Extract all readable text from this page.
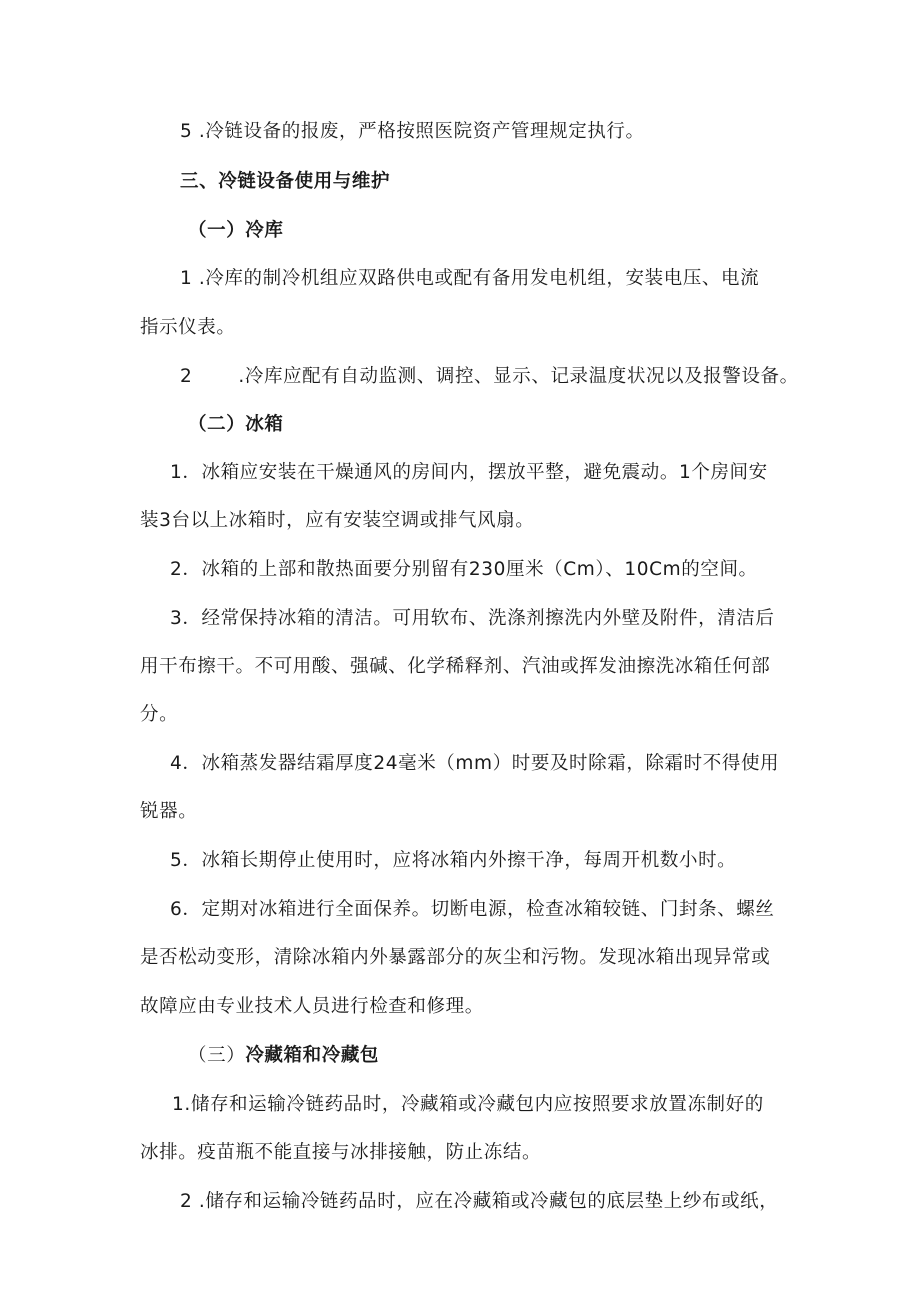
5 .冷链设备的报废，严格按照医院资产管理规定执行。
三、冷链设备使用与维护
（一）冷库
1 .冷库的制冷机组应双路供电或配有备用发电机组，安装电压、电流
指示仪表。
2 .冷库应配有自动监测、调控、显示、记录温度状况以及报警设备。
（二）冰箱
1．冰箱应安装在干燥通风的房间内，摆放平整，避免震动。1个房间安
装3台以上冰箱时，应有安装空调或排气风扇。
2．冰箱的上部和散热面要分别留有230厘米（Cm）、10Cm的空间。
3．经常保持冰箱的清洁。可用软布、洗涤剂擦洗内外壁及附件，清洁后
用干布擦干。不可用酸、强碱、化学稀释剂、汽油或挥发油擦洗冰箱任何部
分。
4．冰箱蒸发器结霜厚度24毫米（mm）时要及时除霜，除霜时不得使用
锐器。
5．冰箱长期停止使用时，应将冰箱内外擦干净，每周开机数小时。
6．定期对冰箱进行全面保养。切断电源，检查冰箱较链、门封条、螺丝
是否松动变形，清除冰箱内外暴露部分的灰尘和污物。发现冰箱出现异常或
故障应由专业技术人员进行检查和修理。
（三）冷藏箱和冷藏包
1.储存和运输冷链药品时，冷藏箱或冷藏包内应按照要求放置冻制好的
冰排。疫苗瓶不能直接与冰排接触，防止冻结。
2 .储存和运输冷链药品时，应在冷藏箱或冷藏包的底层垫上纱布或纸，
